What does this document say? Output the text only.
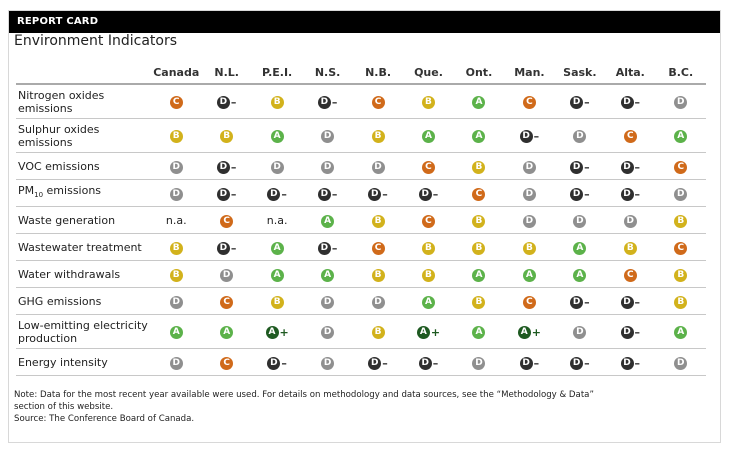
REPORT CARD
Environment Indicators
	Canada	N.L.	P.E.I.	N.S.	N.B.	Que.	Ont.	Man.	Sask.	Alta.	B.C.
Nitrogen oxides emissions	C	D –	B	D –	C	B	A	C	D –	D –	D

Sulphur oxides emissions	B	B	A	D	B	A	A	D –	D	C	A

VOC emissions	D	D –	D	D	D	C	B	D	D –	D –	C

$PM_{10}$ emissions	D	D –	D –	D –	D –	D –	C	D	D –	D –	D

Waste generation	n.a.	C	n.a.	A	B	C	B	D	D	D	B

Wastewater treatment	B	D –	A	D –	C	B	B	B	A	B	C

Water withdrawals	B	D	A	A	B	B	A	A	A	C	B

GHG emissions	D	C	B	D	D	A	B	C	D –	D –	B

Low-emitting electricity production	A	A	A +	D	B	A +	A	A +	D	D –	A

Energy intensity	D	C	D –	D	D –	D –	D	D –	D –	D –	D
Note: Data for the most recent year available were used. For details on methodology and data sources, see the “Methodology & Data”
section of this website.
Source: The Conference Board of Canada.
